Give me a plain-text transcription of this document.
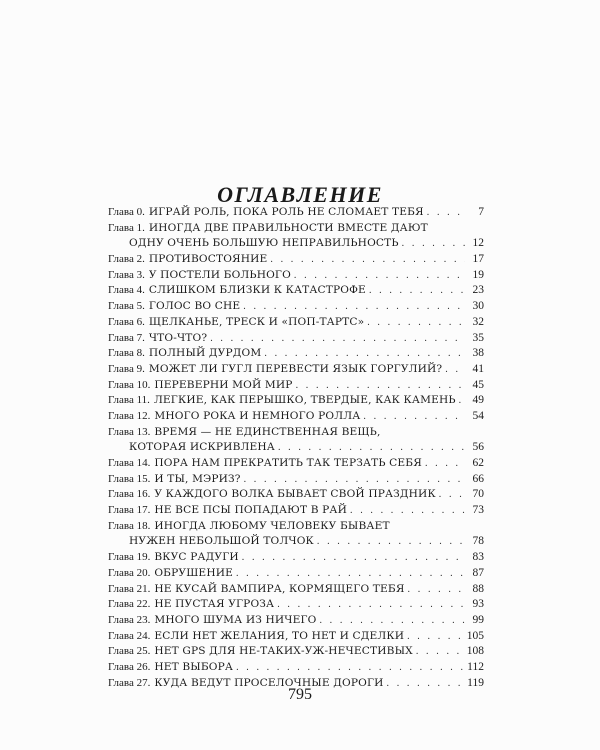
ОГЛАВЛЕНИЕ
Глава 0. ИГРАЙ РОЛЬ, ПОКА РОЛЬ НЕ СЛОМАЕТ ТЕБЯ . . .	7
Глава 1. ИНОГДА ДВЕ ПРАВИЛЬНОСТИ ВМЕСТЕ ДАЮТ
ОДНУ ОЧЕНЬ БОЛЬШУЮ НЕПРАВИЛЬНОСТЬ . . .	12
Глава 2. ПРОТИВОСТОЯНИЕ . . .	17
Глава 3. У ПОСТЕЛИ БОЛЬНОГО . . .	19
Глава 4. СЛИШКОМ БЛИЗКИ К КАТАСТРОФЕ . . .	23
Глава 5. ГОЛОС ВО СНЕ . . .	30
Глава 6. ЩЕЛКАНЬЕ, ТРЕСК И «ПОП-ТАРТС» . . .	32
Глава 7. ЧТО-ЧТО? . . .	35
Глава 8. ПОЛНЫЙ ДУРДОМ . . .	38
Глава 9. МОЖЕТ ЛИ ГУГЛ ПЕРЕВЕСТИ ЯЗЫК ГОРГУЛИЙ? . . .	41
Глава 10. ПЕРЕВЕРНИ МОЙ МИР . . .	45
Глава 11. ЛЕГКИЕ, КАК ПЕРЫШКО, ТВЕРДЫЕ, КАК КАМЕНЬ . . .	49
Глава 12. МНОГО РОКА И НЕМНОГО РОЛЛА . . .	54
Глава 13. ВРЕМЯ — НЕ ЕДИНСТВЕННАЯ ВЕЩЬ,
КОТОРАЯ ИСКРИВЛЕНА . . .	56
Глава 14. ПОРА НАМ ПРЕКРАТИТЬ ТАК ТЕРЗАТЬ СЕБЯ . . .	62
Глава 15. И ТЫ, МЭРИЗ? . . .	66
Глава 16. У КАЖДОГО ВОЛКА БЫВАЕТ СВОЙ ПРАЗДНИК . . .	70
Глава 17. НЕ ВСЕ ПСЫ ПОПАДАЮТ В РАЙ . . .	73
Глава 18. ИНОГДА ЛЮБОМУ ЧЕЛОВЕКУ БЫВАЕТ
НУЖЕН НЕБОЛЬШОЙ ТОЛЧОК . . .	78
Глава 19. ВКУС РАДУГИ . . .	83
Глава 20. ОБРУШЕНИЕ . . .	87
Глава 21. НЕ КУСАЙ ВАМПИРА, КОРМЯЩЕГО ТЕБЯ . . .	88
Глава 22. НЕ ПУСТАЯ УГРОЗА . . .	93
Глава 23. МНОГО ШУМА ИЗ НИЧЕГО . . .	99
Глава 24. ЕСЛИ НЕТ ЖЕЛАНИЯ, ТО НЕТ И СДЕЛКИ . . .	105
Глава 25. НЕТ GPS ДЛЯ НЕ-ТАКИХ-УЖ-НЕЧЕСТИВЫХ . . .	108
Глава 26. НЕТ ВЫБОРА . . .	112
Глава 27. КУДА ВЕДУТ ПРОСЕЛОЧНЫЕ ДОРОГИ . . .	119
795
